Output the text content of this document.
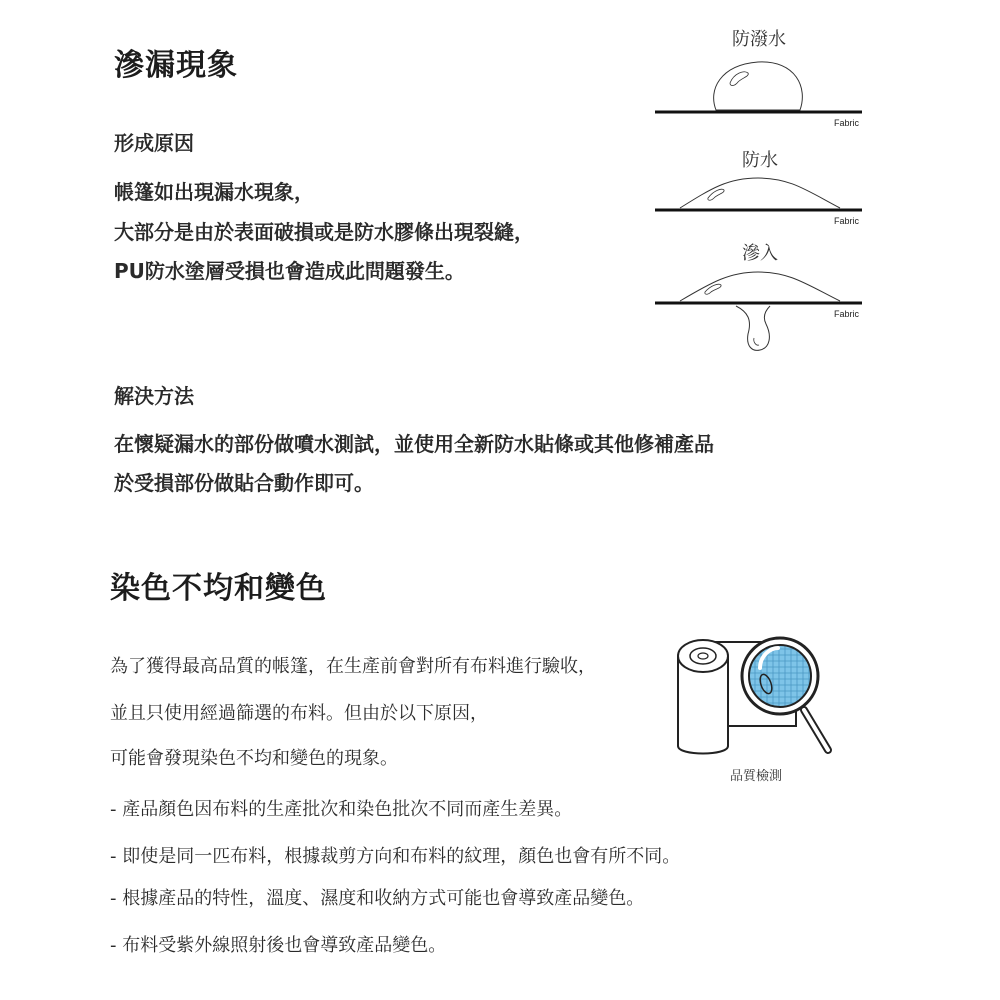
滲漏現象
形成原因
帳篷如出現漏水現象，
大部分是由於表面破損或是防水膠條出現裂縫，
PU防水塗層受損也會造成此問題發生。
防潑水
防水
滲入
Fabric
Fabric
Fabric
解決方法
在懷疑漏水的部份做噴水測試，並使用全新防水貼條或其他修補產品
於受損部份做貼合動作即可。
染色不均和變色
為了獲得最高品質的帳篷，在生產前會對所有布料進行驗收，
並且只使用經過篩選的布料。但由於以下原因，
可能會發現染色不均和變色的現象。
品質檢測
- 產品顏色因布料的生產批次和染色批次不同而產生差異。
- 即使是同一匹布料，根據裁剪方向和布料的紋理，顏色也會有所不同。
- 根據產品的特性，溫度、濕度和收納方式可能也會導致產品變色。
- 布料受紫外線照射後也會導致產品變色。
